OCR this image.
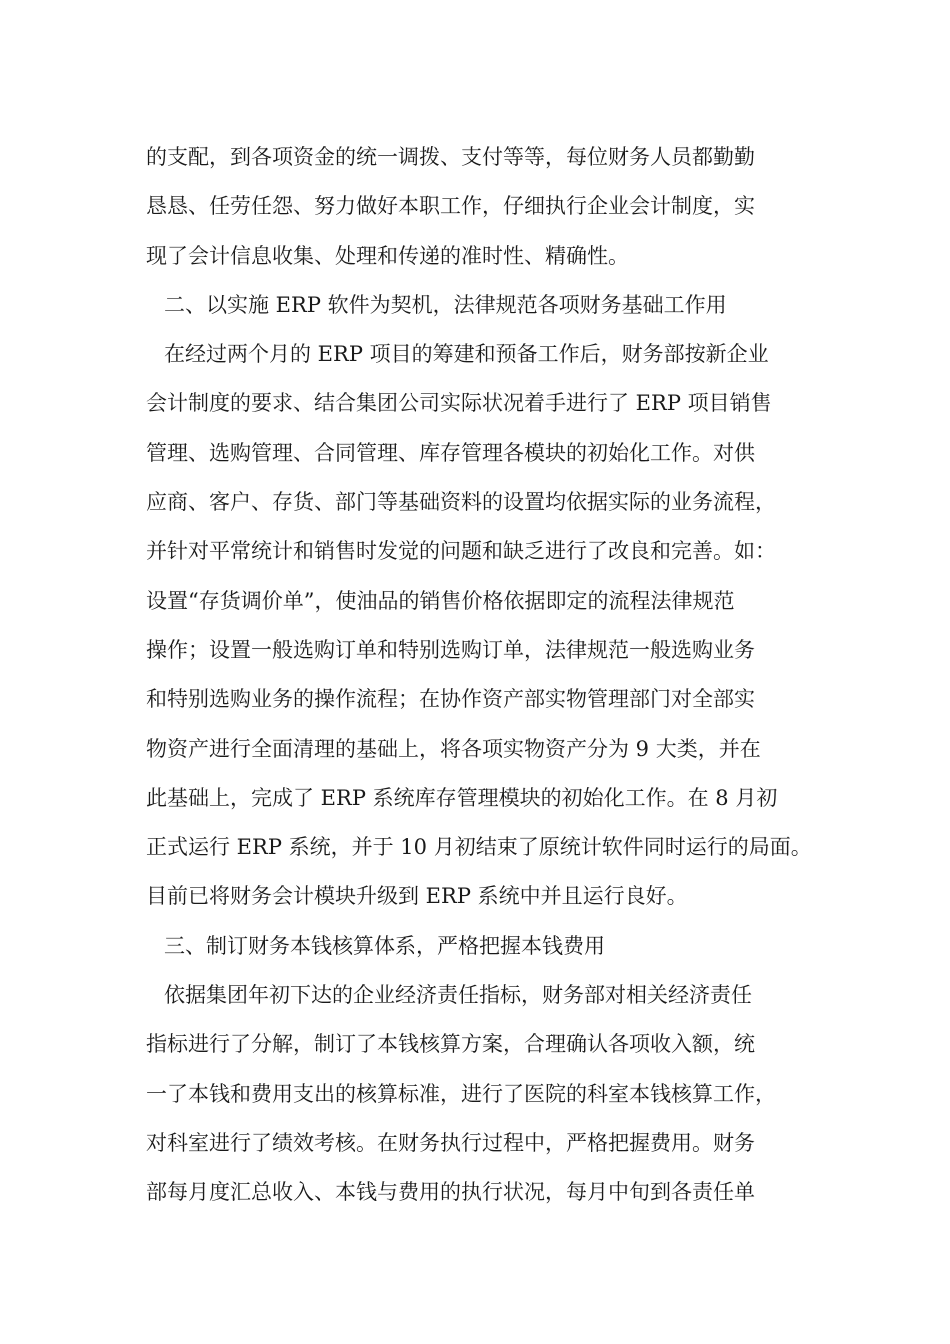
的支配，到各项资金的统一调拨、支付等等，每位财务人员都勤勤
恳恳、任劳任怨、努力做好本职工作，仔细执行企业会计制度，实
现了会计信息收集、处理和传递的准时性、精确性。
二、以实施 ERP 软件为契机，法律规范各项财务基础工作用
在经过两个月的 ERP 项目的筹建和预备工作后，财务部按新企业
会计制度的要求、结合集团公司实际状况着手进行了 ERP 项目销售
管理、选购管理、合同管理、库存管理各模块的初始化工作。对供
应商、客户、存货、部门等基础资料的设置均依据实际的业务流程，
并针对平常统计和销售时发觉的问题和缺乏进行了改良和完善。如：
设置“存货调价单”，使油品的销售价格依据即定的流程法律规范
操作；设置一般选购订单和特别选购订单，法律规范一般选购业务
和特别选购业务的操作流程；在协作资产部实物管理部门对全部实
物资产进行全面清理的基础上，将各项实物资产分为 9 大类，并在
此基础上，完成了 ERP 系统库存管理模块的初始化工作。在 8 月初
正式运行 ERP 系统，并于 10 月初结束了原统计软件同时运行的局面。
目前已将财务会计模块升级到 ERP 系统中并且运行良好。
三、制订财务本钱核算体系，严格把握本钱费用
依据集团年初下达的企业经济责任指标，财务部对相关经济责任
指标进行了分解，制订了本钱核算方案，合理确认各项收入额，统
一了本钱和费用支出的核算标准，进行了医院的科室本钱核算工作，
对科室进行了绩效考核。在财务执行过程中，严格把握费用。财务
部每月度汇总收入、本钱与费用的执行状况，每月中旬到各责任单
